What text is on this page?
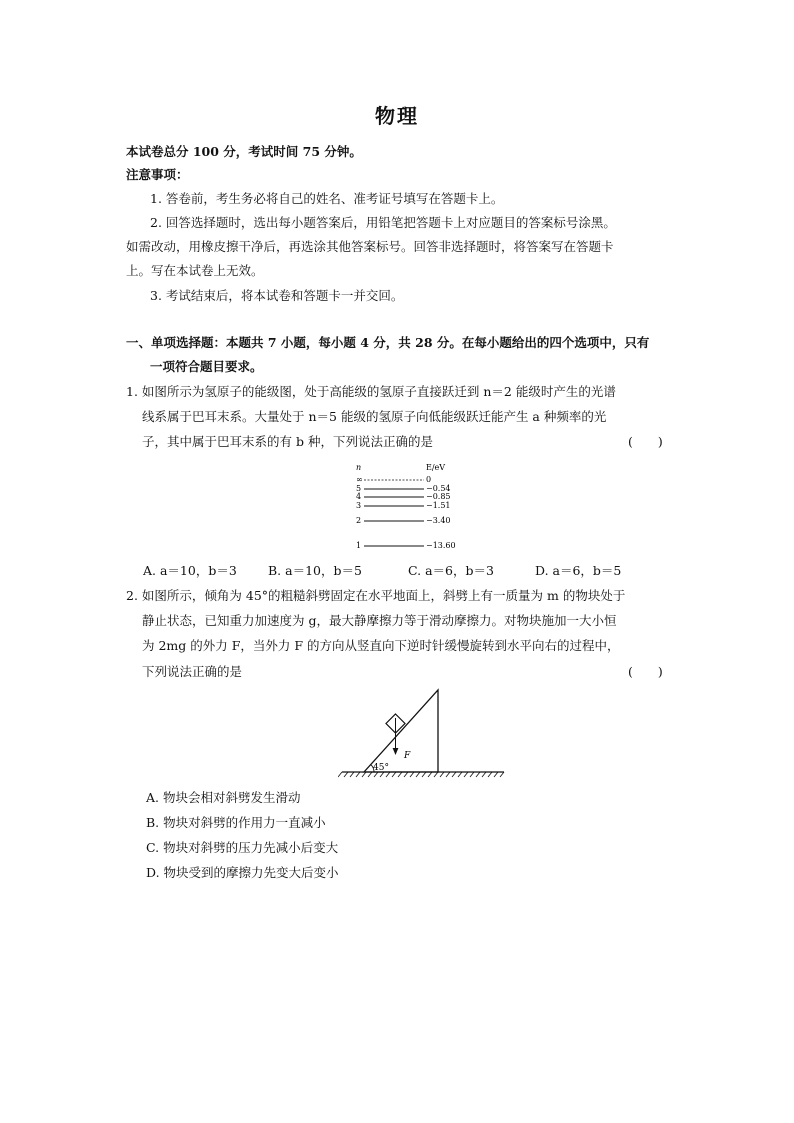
物理
本试卷总分 100 分，考试时间 75 分钟。
注意事项：
1. 答卷前，考生务必将自己的姓名、准考证号填写在答题卡上。
2. 回答选择题时，选出每小题答案后，用铅笔把答题卡上对应题目的答案标号涂黑。
如需改动，用橡皮擦干净后，再选涂其他答案标号。回答非选择题时，将答案写在答题卡
上。写在本试卷上无效。
3. 考试结束后，将本试卷和答题卡一并交回。
一、单项选择题：本题共 7 小题，每小题 4 分，共 28 分。在每小题给出的四个选项中，只有
一项符合题目要求。
1. 如图所示为氢原子的能级图，处于高能级的氢原子直接跃迁到 n＝2 能级时产生的光谱
线系属于巴耳末系。大量处于 n＝5 能级的氢原子向低能级跃迁能产生 a 种频率的光
子，其中属于巴耳末系的有 b 种，下列说法正确的是	(　　)
n	E/eV
∞	0
5	−0.54
4	−0.85
3	−1.51
2	−3.40
1	−13.60
A. a＝10，b＝3 B. a＝10，b＝5	C. a＝6，b＝3	D. a＝6，b＝5
2. 如图所示，倾角为 45°的粗糙斜劈固定在水平地面上，斜劈上有一质量为 m 的物块处于
静止状态，已知重力加速度为 g，最大静摩擦力等于滑动摩擦力。对物块施加一大小恒
为 2mg 的外力 F，当外力 F 的方向从竖直向下逆时针缓慢旋转到水平向右的过程中，
下列说法正确的是	(　　)
45°
F
A. 物块会相对斜劈发生滑动
B. 物块对斜劈的作用力一直减小
C. 物块对斜劈的压力先减小后变大
D. 物块受到的摩擦力先变大后变小
